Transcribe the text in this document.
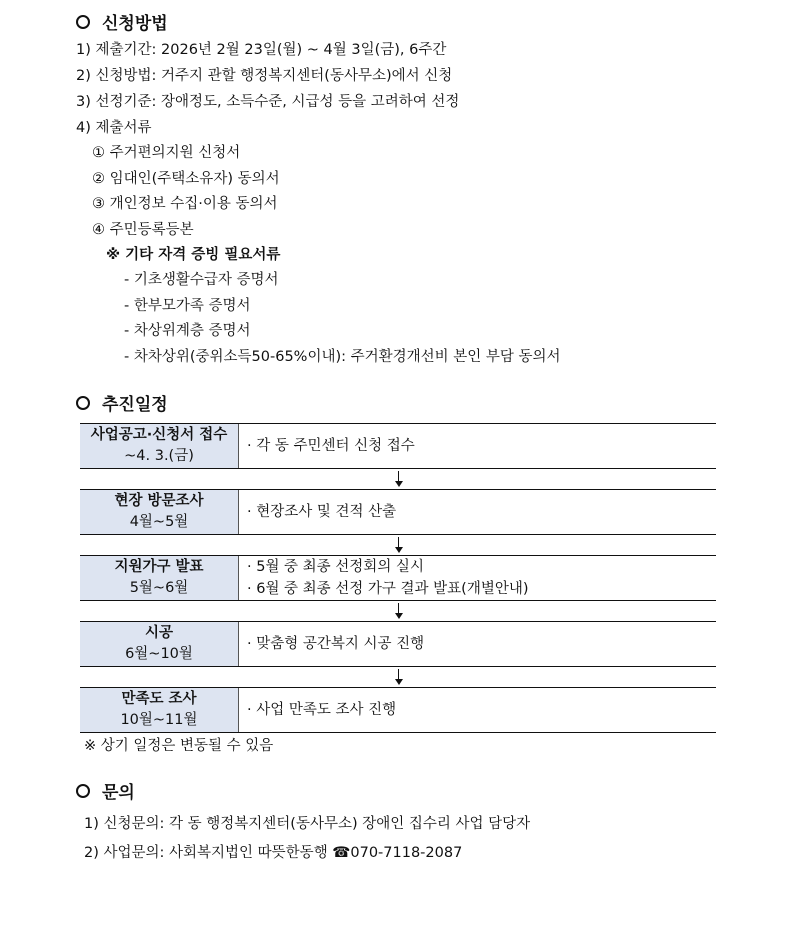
신청방법
1) 제출기간: 2026년 2월 23일(월) ~ 4월 3일(금), 6주간
2) 신청방법: 거주지 관할 행정복지센터(동사무소)에서 신청
3) 선정기준: 장애정도, 소득수준, 시급성 등을 고려하여 선정
4) 제출서류
① 주거편의지원 신청서
② 임대인(주택소유자) 동의서
③ 개인정보 수집·이용 동의서
④ 주민등록등본
※ 기타 자격 증빙 필요서류
- 기초생활수급자 증명서
- 한부모가족 증명서
- 차상위계층 증명서
- 차차상위(중위소득50-65%이내): 주거환경개선비 본인 부담 동의서
추진일정
사업공고·신청서 접수
~4. 3.(금)
· 각 동 주민센터 신청 접수
현장 방문조사
4월~5월
· 현장조사 및 견적 산출
지원가구 발표
5월~6월
· 5월 중 최종 선정회의 실시
· 6월 중 최종 선정 가구 결과 발표(개별안내)
시공
6월~10월
· 맞춤형 공간복지 시공 진행
만족도 조사
10월~11월
· 사업 만족도 조사 진행
※ 상기 일정은 변동될 수 있음
문의
1) 신청문의: 각 동 행정복지센터(동사무소) 장애인 집수리 사업 담당자
2) 사업문의: 사회복지법인 따뜻한동행 ☎070-7118-2087
